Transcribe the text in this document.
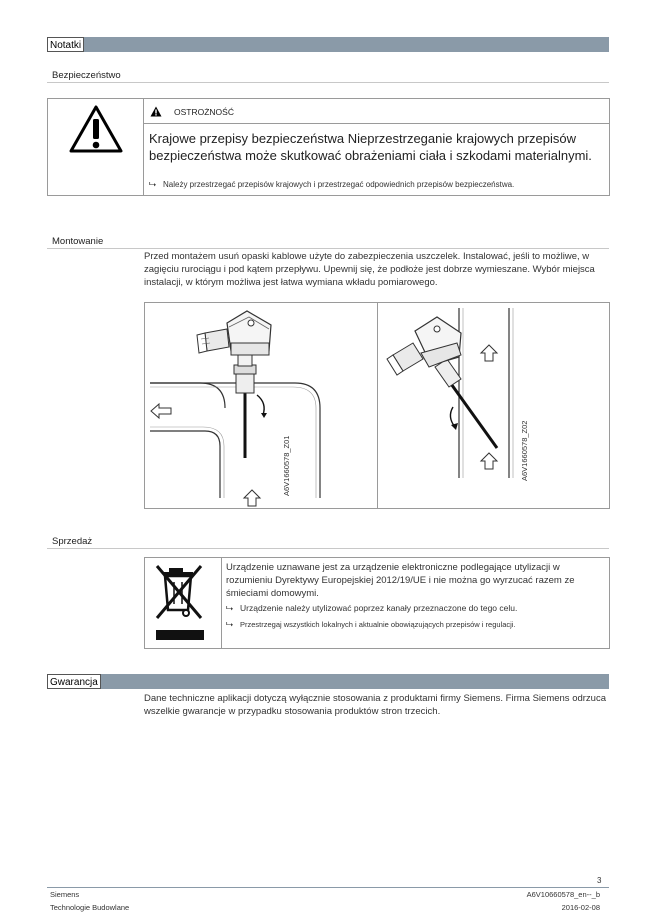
Notatki
Bezpieczeństwo
OSTROŻNOŚĆ
Krajowe przepisy bezpieczeństwa Nieprzestrzeganie krajowych przepisów bezpieczeństwa może skutkować obrażeniami ciała i szkodami materialnymi.
⮡ Należy przestrzegać przepisów krajowych i przestrzegać odpowiednich przepisów bezpieczeństwa.
Montowanie
Przed montażem usuń opaski kablowe użyte do zabezpieczenia uszczelek. Instalować, jeśli to możliwe, w zagięciu rurociągu i pod kątem przepływu. Upewnij się, że podłoże jest dobrze wymieszane. Wybór miejsca instalacji, w którym możliwa jest łatwa wymiana wkładu pomiarowego.
A6V1660578_Z01	A6V1660578_Z02
Sprzedaż
Urządzenie uznawane jest za urządzenie elektroniczne podlegające utylizacji w rozumieniu Dyrektywy Europejskiej 2012/19/UE i nie można go wyrzucać razem ze śmieciami domowymi.
⮡ Urządzenie należy utylizować poprzez kanały przeznaczone do tego celu.
⮡ Przestrzegaj wszystkich lokalnych i aktualnie obowiązujących przepisów i regulacji.
Gwarancja
Dane techniczne aplikacji dotyczą wyłącznie stosowania z produktami firmy Siemens. Firma Siemens odrzuca wszelkie gwarancje w przypadku stosowania produktów stron trzecich.
3
Siemens
Technologie Budowlane
A6V10660578_en--_b
2016-02-08
